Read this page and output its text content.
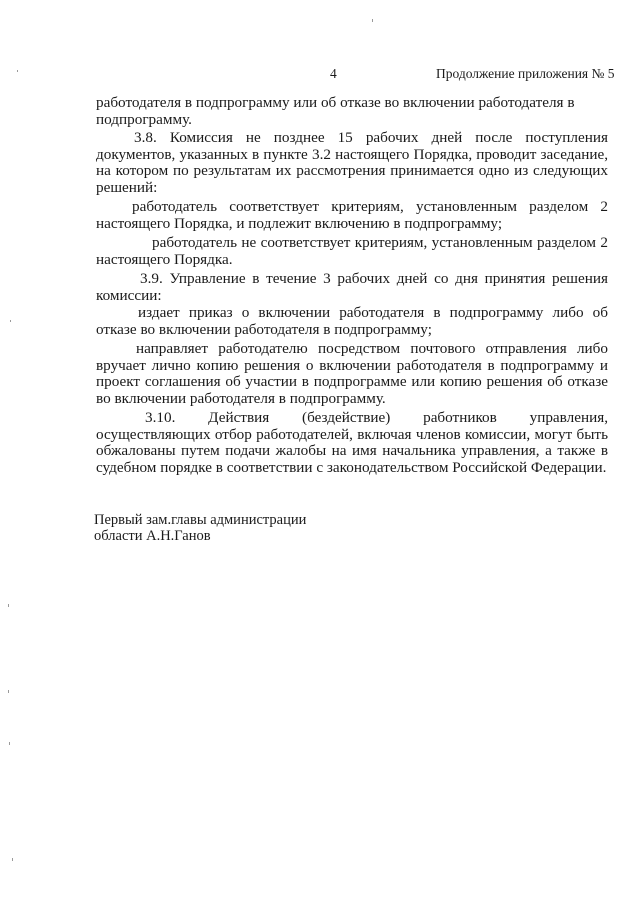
4	Продолжение приложения № 5

работодателя в подпрограмму или об отказе во включении работодателя в подпрограмму.

3.8. Комиссия не позднее 15 рабочих дней после поступления документов, указанных в пункте 3.2 настоящего Порядка, проводит заседание, на котором по результатам их рассмотрения принимается одно из следующих решений:

работодатель соответствует критериям, установленным разделом 2 настоящего Порядка, и подлежит включению в подпрограмму;

работодатель не соответствует критериям, установленным разделом 2 настоящего Порядка.

3.9. Управление в течение 3 рабочих дней со дня принятия решения комиссии:

издает приказ о включении работодателя в подпрограмму либо об отказе во включении работодателя в подпрограмму;

направляет работодателю посредством почтового отправления либо вручает лично копию решения о включении работодателя в подпрограмму и проект соглашения об участии в подпрограмме или копию решения об отказе во включении работодателя в подпрограмму.

3.10. Действия (бездействие) работников управления, осуществляющих отбор работодателей, включая членов комиссии, могут быть обжалованы путем подачи жалобы на имя начальника управления, а также в судебном порядке в соответствии с законодательством Российской Федерации.

Первый зам.главы администрации
области А.Н.Ганов
